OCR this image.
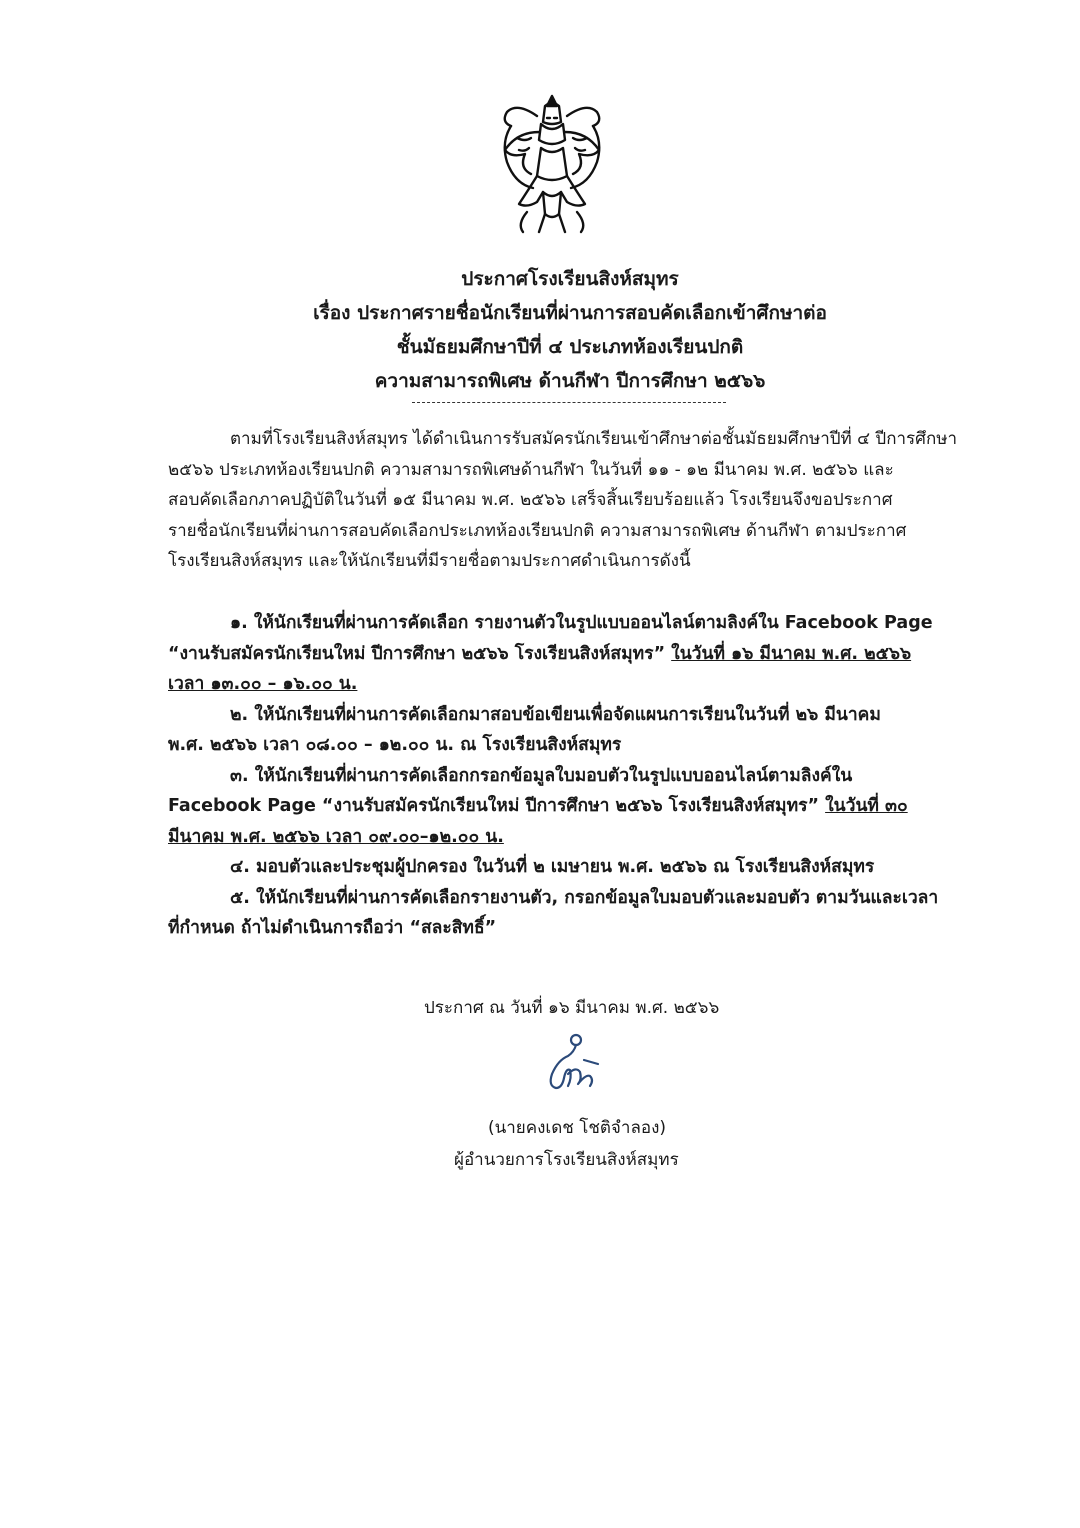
ประกาศโรงเรียนสิงห์สมุทร
เรื่อง ประกาศรายชื่อนักเรียนที่ผ่านการสอบคัดเลือกเข้าศึกษาต่อ
ชั้นมัธยมศึกษาปีที่ ๔ ประเภทห้องเรียนปกติ
ความสามารถพิเศษ ด้านกีฬา ปีการศึกษา ๒๕๖๖
ตามที่โรงเรียนสิงห์สมุทร ได้ดำเนินการรับสมัครนักเรียนเข้าศึกษาต่อชั้นมัธยมศึกษาปีที่ ๔ ปีการศึกษา
๒๕๖๖ ประเภทห้องเรียนปกติ ความสามารถพิเศษด้านกีฬา ในวันที่ ๑๑ - ๑๒ มีนาคม พ.ศ. ๒๕๖๖ และ
สอบคัดเลือกภาคปฏิบัติในวันที่ ๑๕ มีนาคม พ.ศ. ๒๕๖๖ เสร็จสิ้นเรียบร้อยแล้ว โรงเรียนจึงขอประกาศ
รายชื่อนักเรียนที่ผ่านการสอบคัดเลือกประเภทห้องเรียนปกติ ความสามารถพิเศษ ด้านกีฬา ตามประกาศ
โรงเรียนสิงห์สมุทร และให้นักเรียนที่มีรายชื่อตามประกาศดำเนินการดังนี้
๑. ให้นักเรียนที่ผ่านการคัดเลือก รายงานตัวในรูปแบบออนไลน์ตามลิงค์ใน Facebook Page
“งานรับสมัครนักเรียนใหม่ ปีการศึกษา ๒๕๖๖ โรงเรียนสิงห์สมุทร” ในวันที่ ๑๖ มีนาคม พ.ศ. ๒๕๖๖
เวลา ๑๓.๐๐ – ๑๖.๐๐ น.
๒. ให้นักเรียนที่ผ่านการคัดเลือกมาสอบข้อเขียนเพื่อจัดแผนการเรียนในวันที่ ๒๖ มีนาคม
พ.ศ. ๒๕๖๖ เวลา ๐๘.๐๐ – ๑๒.๐๐ น. ณ โรงเรียนสิงห์สมุทร
๓. ให้นักเรียนที่ผ่านการคัดเลือกกรอกข้อมูลใบมอบตัวในรูปแบบออนไลน์ตามลิงค์ใน
Facebook Page “งานรับสมัครนักเรียนใหม่ ปีการศึกษา ๒๕๖๖ โรงเรียนสิงห์สมุทร” ในวันที่ ๓๐
มีนาคม พ.ศ. ๒๕๖๖ เวลา ๐๙.๐๐–๑๒.๐๐ น.
๔. มอบตัวและประชุมผู้ปกครอง ในวันที่ ๒ เมษายน พ.ศ. ๒๕๖๖ ณ โรงเรียนสิงห์สมุทร
๕. ให้นักเรียนที่ผ่านการคัดเลือกรายงานตัว, กรอกข้อมูลใบมอบตัวและมอบตัว ตามวันและเวลา
ที่กำหนด ถ้าไม่ดำเนินการถือว่า “สละสิทธิ์”
ประกาศ ณ วันที่ ๑๖ มีนาคม พ.ศ. ๒๕๖๖
(นายคงเดช โชติจำลอง)
ผู้อำนวยการโรงเรียนสิงห์สมุทร
